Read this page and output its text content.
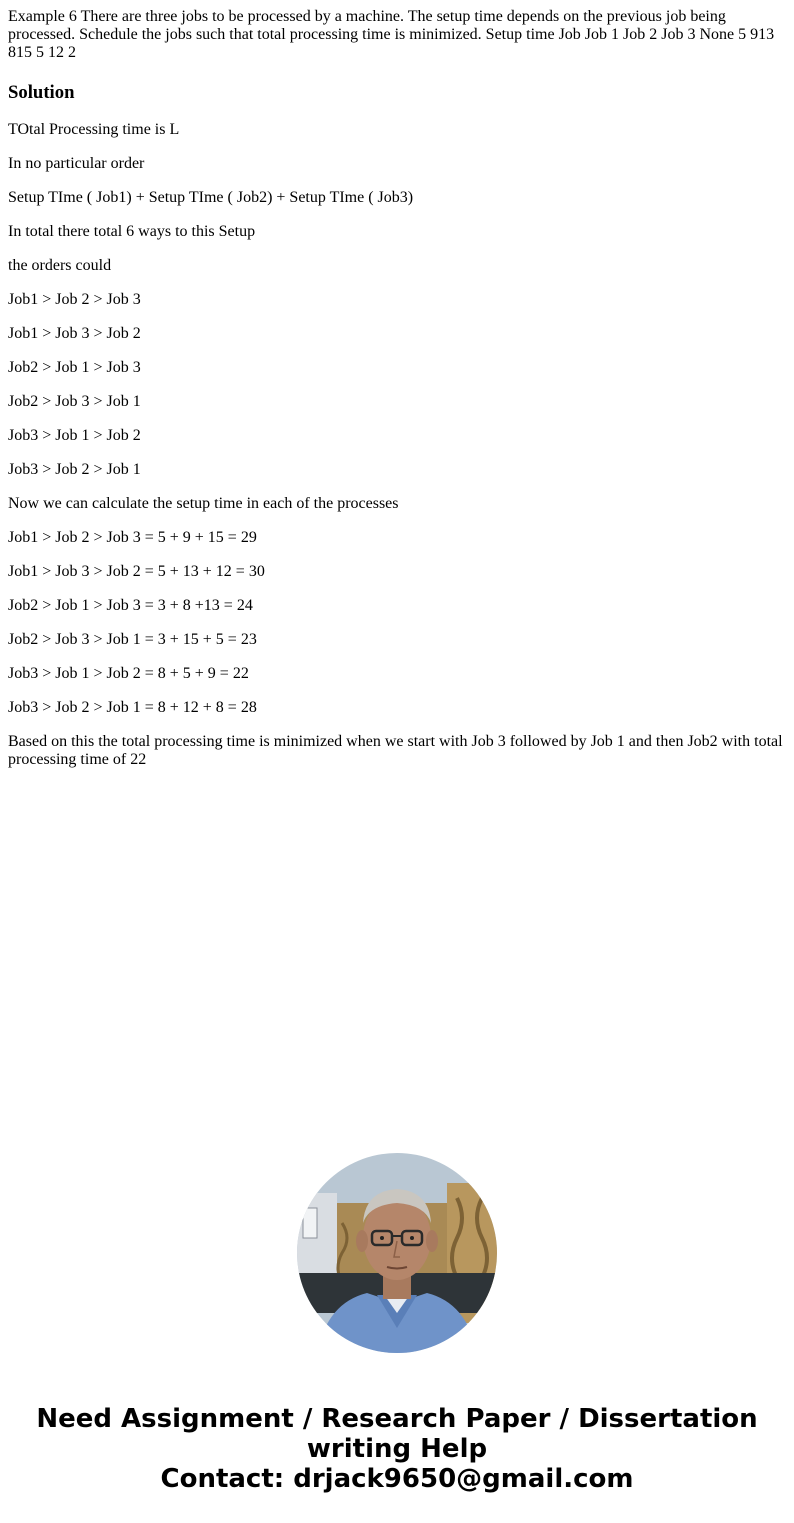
Example 6 There are three jobs to be processed by a machine. The setup time depends on the previous job being processed. Schedule the jobs such that total processing time is minimized. Setup time Job Job 1 Job 2 Job 3 None 5 913 815 5 12 2
Solution

TOtal Processing time is L

In no particular order

Setup TIme ( Job1) + Setup TIme ( Job2) + Setup TIme ( Job3)

In total there total 6 ways to this Setup

the orders could

Job1 > Job 2 > Job 3

Job1 > Job 3 > Job 2

Job2 > Job 1 > Job 3

Job2 > Job 3 > Job 1

Job3 > Job 1 > Job 2

Job3 > Job 2 > Job 1

Now we can calculate the setup time in each of the processes

Job1 > Job 2 > Job 3 = 5 + 9 + 15 = 29

Job1 > Job 3 > Job 2 = 5 + 13 + 12 = 30

Job2 > Job 1 > Job 3 = 3 + 8 +13 = 24

Job2 > Job 3 > Job 1 = 3 + 15 + 5 = 23

Job3 > Job 1 > Job 2 = 8 + 5 + 9 = 22

Job3 > Job 2 > Job 1 = 8 + 12 + 8 = 28

Based on this the total processing time is minimized when we start with Job 3 followed by Job 1 and then Job2 with total processing time of 22

Need Assignment / Research Paper / Dissertation
writing Help
Contact: drjack9650@gmail.com
